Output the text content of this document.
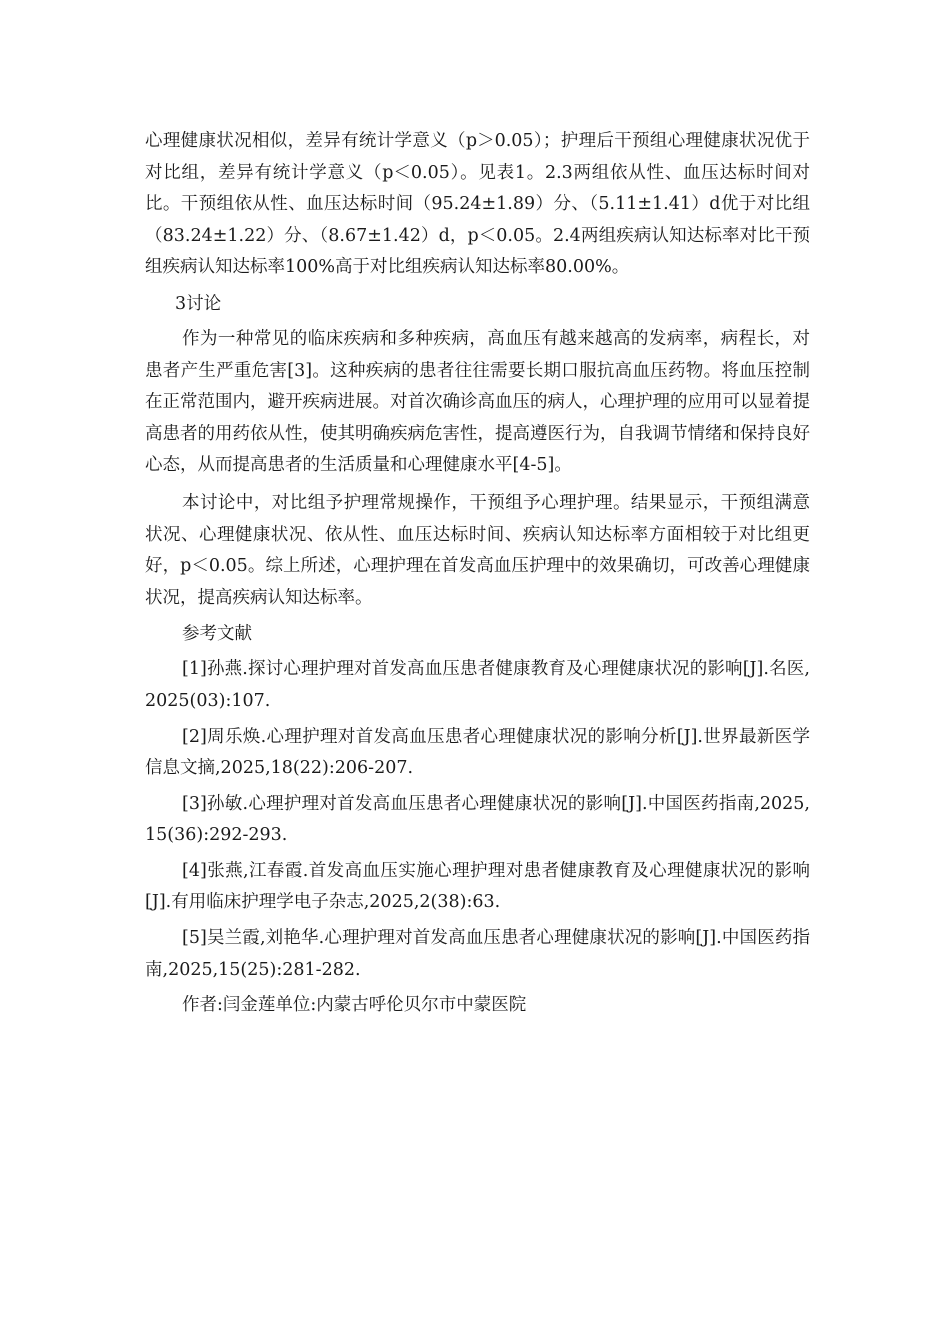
心理健康状况相似，差异有统计学意义（p＞0.05）；护理后干预组心理健康状况优于对比组，差异有统计学意义（p＜0.05）。见表1。2.3两组依从性、血压达标时间对比。干预组依从性、血压达标时间（95.24±1.89）分、（5.11±1.41）d优于对比组（83.24±1.22）分、（8.67±1.42）d，p＜0.05。2.4两组疾病认知达标率对比干预组疾病认知达标率100%高于对比组疾病认知达标率80.00%。

3讨论

作为一种常见的临床疾病和多种疾病，高血压有越来越高的发病率，病程长，对患者产生严重危害[3]。这种疾病的患者往往需要长期口服抗高血压药物。将血压控制在正常范围内，避开疾病进展。对首次确诊高血压的病人，心理护理的应用可以显着提高患者的用药依从性，使其明确疾病危害性，提高遵医行为，自我调节情绪和保持良好心态，从而提高患者的生活质量和心理健康水平[4-5]。

本讨论中，对比组予护理常规操作，干预组予心理护理。结果显示，干预组满意状况、心理健康状况、依从性、血压达标时间、疾病认知达标率方面相较于对比组更好，p＜0.05。综上所述，心理护理在首发高血压护理中的效果确切，可改善心理健康状况，提高疾病认知达标率。

参考文献

[1]孙燕.探讨心理护理对首发高血压患者健康教育及心理健康状况的影响[J].名医,2025(03):107.

[2]周乐焕.心理护理对首发高血压患者心理健康状况的影响分析[J].世界最新医学信息文摘,2025,18(22):206-207.

[3]孙敏.心理护理对首发高血压患者心理健康状况的影响[J].中国医药指南,2025,15(36):292-293.

[4]张燕,江春霞.首发高血压实施心理护理对患者健康教育及心理健康状况的影响[J].有用临床护理学电子杂志,2025,2(38):63.

[5]吴兰霞,刘艳华.心理护理对首发高血压患者心理健康状况的影响[J].中国医药指南,2025,15(25):281-282.

作者:闫金莲单位:内蒙古呼伦贝尔市中蒙医院
